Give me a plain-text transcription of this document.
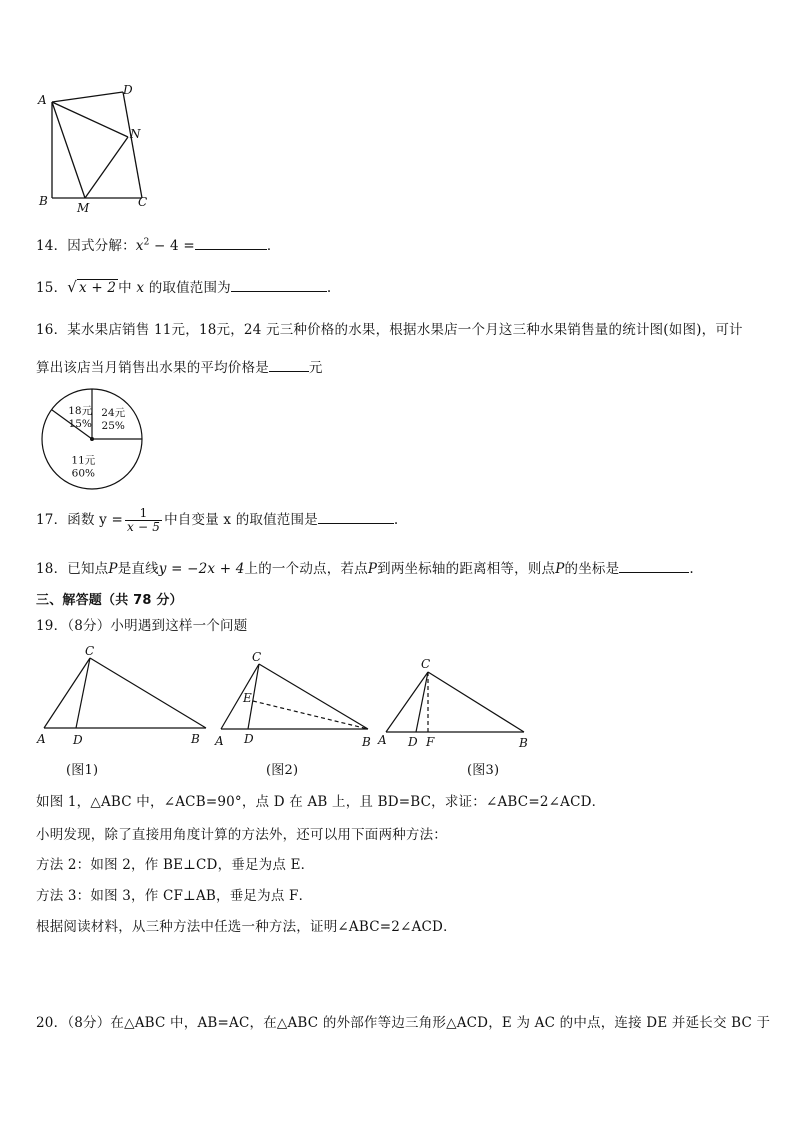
A
D
N
B M	C
14．因式分解：$x^2 - 4$ =	．
15．√ x + 2 中 x 的取值范围为	.
16．某水果店销售 11元，18元，24 元三种价格的水果，根据水果店一个月这三种水果销售量的统计图(如图)，可计
算出该店当月销售出水果的平均价格是	元
18元
15%
24元
25%
11元
60%
17．函数 $y = \frac{1}{x - 5}$ 中自变量 x 的取值范围是	.
18．已知点P是直线y = −2x + 4上的一个动点，若点P到两坐标轴的距离相等，则点P的坐标是	.
三、解答题（共 78 分）
19．（8分）小明遇到这样一个问题
C
A D	B
(图1)
C
E
A D	B
(图2)
C
A D F	B
(图3)
如图 1，△ABC 中，∠ACB=90°，点 D 在 AB 上，且 BD=BC，求证：∠ABC=2∠ACD．
小明发现，除了直接用角度计算的方法外，还可以用下面两种方法：
方法 2：如图 2，作 BE⊥CD，垂足为点 E．
方法 3：如图 3，作 CF⊥AB，垂足为点 F．
根据阅读材料，从三种方法中任选一种方法，证明∠ABC=2∠ACD．
20．（8分）在△ABC 中，AB=AC，在△ABC 的外部作等边三角形△ACD，E 为 AC 的中点，连接 DE 并延长交 BC 于
